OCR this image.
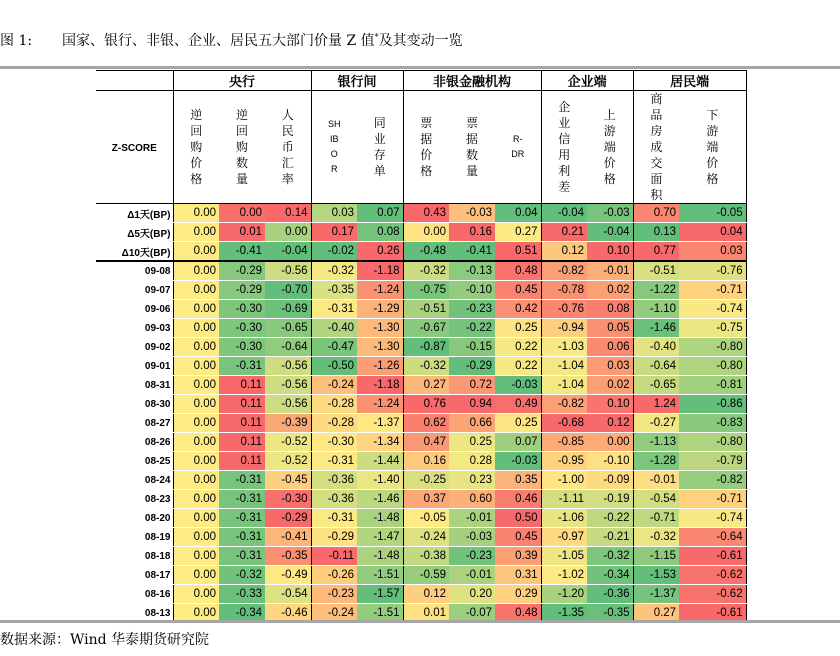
图 1: 国家、银行、非银、企业、居民五大部门价量 Z 值*及其变动一览
	央行			银行间		非银金融机构			企业端		居民端	
Z-SCORE	逆回购价格	逆回购数量	人民币汇率	SHIBOR	同业存单	票据价格	票据数量	R-DR	企业信用利差	上游端价格	商品房成交面积	下游端价格
Δ1天(BP)	0.00	0.00	0.14	0.03	0.07	0.43	-0.03	0.04	-0.04	-0.03	0.70	-0.05
Δ5天(BP)	0.00	0.01	0.00	0.17	0.08	0.00	0.16	0.27	0.21	-0.04	0.13	0.04
Δ10天(BP)	0.00	-0.41	-0.04	-0.02	0.26	-0.48	-0.41	0.51	0.12	0.10	0.77	0.03
09-08	0.00	-0.29	-0.56	-0.32	-1.18	-0.32	-0.13	0.48	-0.82	-0.01	-0.51	-0.76
09-07	0.00	-0.29	-0.70	-0.35	-1.24	-0.75	-0.10	0.45	-0.78	0.02	-1.22	-0.71
09-06	0.00	-0.30	-0.69	-0.31	-1.29	-0.51	-0.23	0.42	-0.76	0.08	-1.10	-0.74
09-03	0.00	-0.30	-0.65	-0.40	-1.30	-0.67	-0.22	0.25	-0.94	0.05	-1.46	-0.75
09-02	0.00	-0.30	-0.64	-0.47	-1.30	-0.87	-0.15	0.22	-1.03	0.06	-0.40	-0.80
09-01	0.00	-0.31	-0.56	-0.50	-1.26	-0.32	-0.29	0.22	-1.04	0.03	-0.64	-0.80
08-31	0.00	0.11	-0.56	-0.24	-1.18	0.27	0.72	-0.03	-1.04	0.02	-0.65	-0.81
08-30	0.00	0.11	-0.56	-0.28	-1.24	0.76	0.94	0.49	-0.82	0.10	1.24	-0.86
08-27	0.00	0.11	-0.39	-0.28	-1.37	0.62	0.66	0.25	-0.68	0.12	-0.27	-0.83
08-26	0.00	0.11	-0.52	-0.30	-1.34	0.47	0.25	0.07	-0.85	0.00	-1.13	-0.80
08-25	0.00	0.11	-0.52	-0.31	-1.44	0.16	0.28	-0.03	-0.95	-0.10	-1.28	-0.79
08-24	0.00	-0.31	-0.45	-0.36	-1.40	-0.25	0.23	0.35	-1.00	-0.09	-0.01	-0.82
08-23	0.00	-0.31	-0.30	-0.36	-1.46	0.37	0.60	0.46	-1.11	-0.19	-0.54	-0.71
08-20	0.00	-0.31	-0.29	-0.31	-1.48	-0.05	-0.01	0.50	-1.06	-0.22	-0.71	-0.74
08-19	0.00	-0.31	-0.41	-0.29	-1.47	-0.24	-0.03	0.45	-0.97	-0.21	-0.32	-0.64
08-18	0.00	-0.31	-0.35	-0.11	-1.48	-0.38	-0.23	0.39	-1.05	-0.32	-1.15	-0.61
08-17	0.00	-0.32	-0.49	-0.26	-1.51	-0.59	-0.01	0.31	-1.02	-0.34	-1.53	-0.62
08-16	0.00	-0.33	-0.54	-0.23	-1.57	0.12	0.20	0.29	-1.20	-0.36	-1.37	-0.62
08-13	0.00	-0.34	-0.46	-0.24	-1.51	0.01	-0.07	0.48	-1.35	-0.35	0.27	-0.61
数据来源：Wind 华泰期货研究院
